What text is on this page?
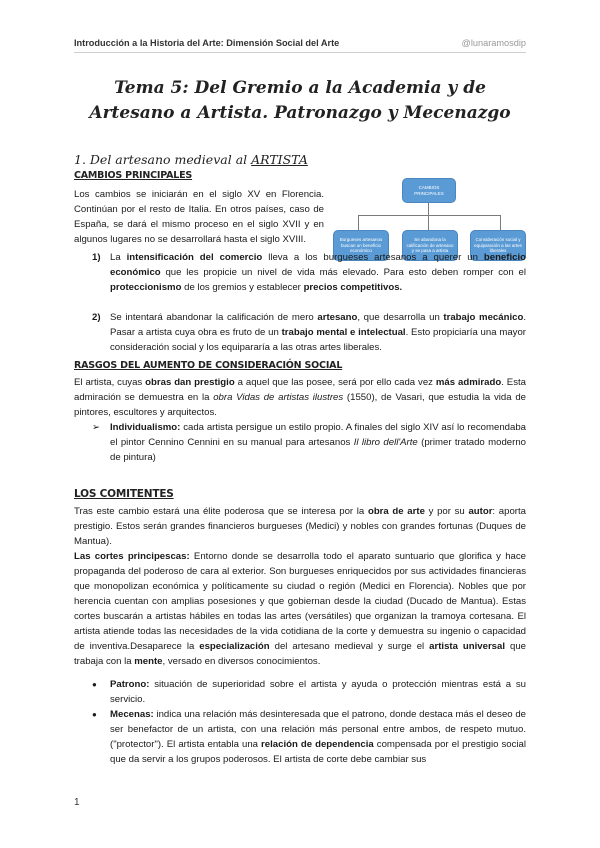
Introducción a la Historia del Arte: Dimensión Social del Arte	@lunaramosdip
Tema 5: Del Gremio a la Academia y de Artesano a Artista. Patronazgo y Mecenazgo
1. Del artesano medieval al ARTISTA
CAMBIOS PRINCIPALES
Los cambios se iniciarán en el siglo XV en Florencia. Continúan por el resto de Italia. En otros países, caso de España, se dará el mismo proceso en el siglo XVII y en algunos lugares no se desarrollará hasta el siglo XVIII.
CAMBIOS PRINCIPALES
Burgueses artesanos buscan un beneficio económico
Se abandona la calificación de artesano y se pasa a artista
Consideración social y equiparación a las artes liberales
1) La intensificación del comercio lleva a los burgueses artesanos a querer un beneficio económico que les propicie un nivel de vida más elevado. Para esto deben romper con el proteccionismo de los gremios y establecer precios competitivos.
2) Se intentará abandonar la calificación de mero artesano, que desarrolla un trabajo mecánico. Pasar a artista cuya obra es fruto de un trabajo mental e intelectual. Esto propiciaría una mayor consideración social y los equipararía a las otras artes liberales.
RASGOS DEL AUMENTO DE CONSIDERACIÓN SOCIAL
El artista, cuyas obras dan prestigio a aquel que las posee, será por ello cada vez más admirado. Esta admiración se demuestra en la obra Vidas de artistas ilustres (1550), de Vasari, que estudia la vida de pintores, escultores y arquitectos.
➢ Individualismo: cada artista persigue un estilo propio. A finales del siglo XIV así lo recomendaba el pintor Cennino Cennini en su manual para artesanos Il libro dell'Arte (primer tratado moderno de pintura)
LOS COMITENTES
Tras este cambio estará una élite poderosa que se interesa por la obra de arte y por su autor: aporta prestigio. Estos serán grandes financieros burgueses (Medici) y nobles con grandes fortunas (Duques de Mantua).
Las cortes principescas: Entorno donde se desarrolla todo el aparato suntuario que glorifica y hace propaganda del poderoso de cara al exterior. Son burgueses enriquecidos por sus actividades financieras que monopolizan económica y políticamente su ciudad o región (Medici en Florencia). Nobles que por herencia cuentan con amplias posesiones y que gobiernan desde la ciudad (Ducado de Mantua). Estas cortes buscarán a artistas hábiles en todas las artes (versátiles) que organizan la tramoya cortesana. El artista atiende todas las necesidades de la vida cotidiana de la corte y demuestra su ingenio o capacidad de inventiva.Desaparece la especialización del artesano medieval y surge el artista universal que trabaja con la mente, versado en diversos conocimientos.
● Patrono: situación de superioridad sobre el artista y ayuda o protección mientras está a su servicio.
● Mecenas: indica una relación más desinteresada que el patrono, donde destaca más el deseo de ser benefactor de un artista, con una relación más personal entre ambos, de respeto mutuo. ("protector"). El artista entabla una relación de dependencia compensada por el prestigio social que da servir a los grupos poderosos. El artista de corte debe cambiar sus
1
